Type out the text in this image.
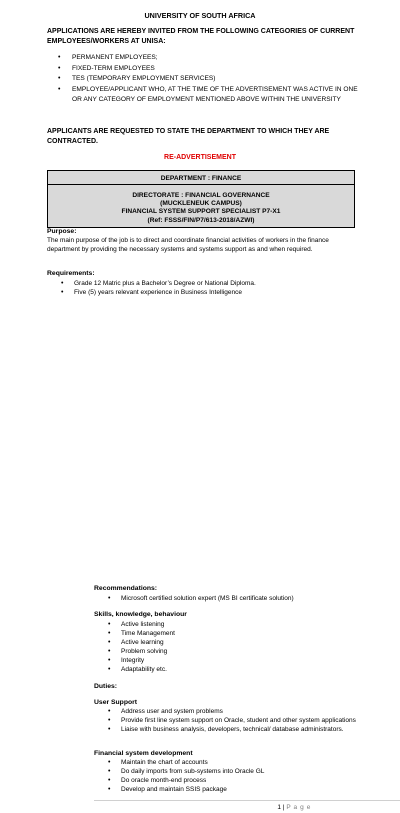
UNIVERSITY OF SOUTH AFRICA
APPLICATIONS ARE HEREBY INVITED FROM THE FOLLOWING CATEGORIES OF CURRENT EMPLOYEES/WORKERS AT UNISA:
• PERMANENT EMPLOYEES;
• FIXED-TERM EMPLOYEES
• TES (TEMPORARY EMPLOYMENT SERVICES)
• EMPLOYEE/APPLICANT WHO, AT THE TIME OF THE ADVERTISEMENT WAS ACTIVE IN ONE OR ANY CATEGORY OF EMPLOYMENT MENTIONED ABOVE WITHIN THE UNIVERSITY
APPLICANTS ARE REQUESTED TO STATE THE DEPARTMENT TO WHICH THEY ARE CONTRACTED.
RE-ADVERTISEMENT
DEPARTMENT : FINANCE
DIRECTORATE : FINANCIAL GOVERNANCE
(MUCKLENEUK CAMPUS)
FINANCIAL SYSTEM SUPPORT SPECIALIST P7-X1
(Ref: FSSS/FIN/P7/613-2018/AZWI)
Purpose:
The main purpose of the job is to direct and coordinate financial activities of workers in the finance department by providing the necessary systems and systems support as and when required.
Requirements:
• Grade 12 Matric plus a Bachelor’s Degree or National Diploma.
• Five (5) years relevant experience in Business Intelligence
Recommendations:
• Microsoft certified solution expert (MS BI certificate solution)
Skills, knowledge, behaviour
• Active listening
• Time Management
• Active learning
• Problem solving
• Integrity
• Adaptability etc.
Duties:
User Support
• Address user and system problems
• Provide first line system support on Oracle, student and other system applications
• Liaise with business analysis, developers, technical/ database administrators.
Financial system development
• Maintain the chart of accounts
• Do daily imports from sub-systems into Oracle GL
• Do oracle month-end process
• Develop and maintain SSIS package
1 | P a g e
